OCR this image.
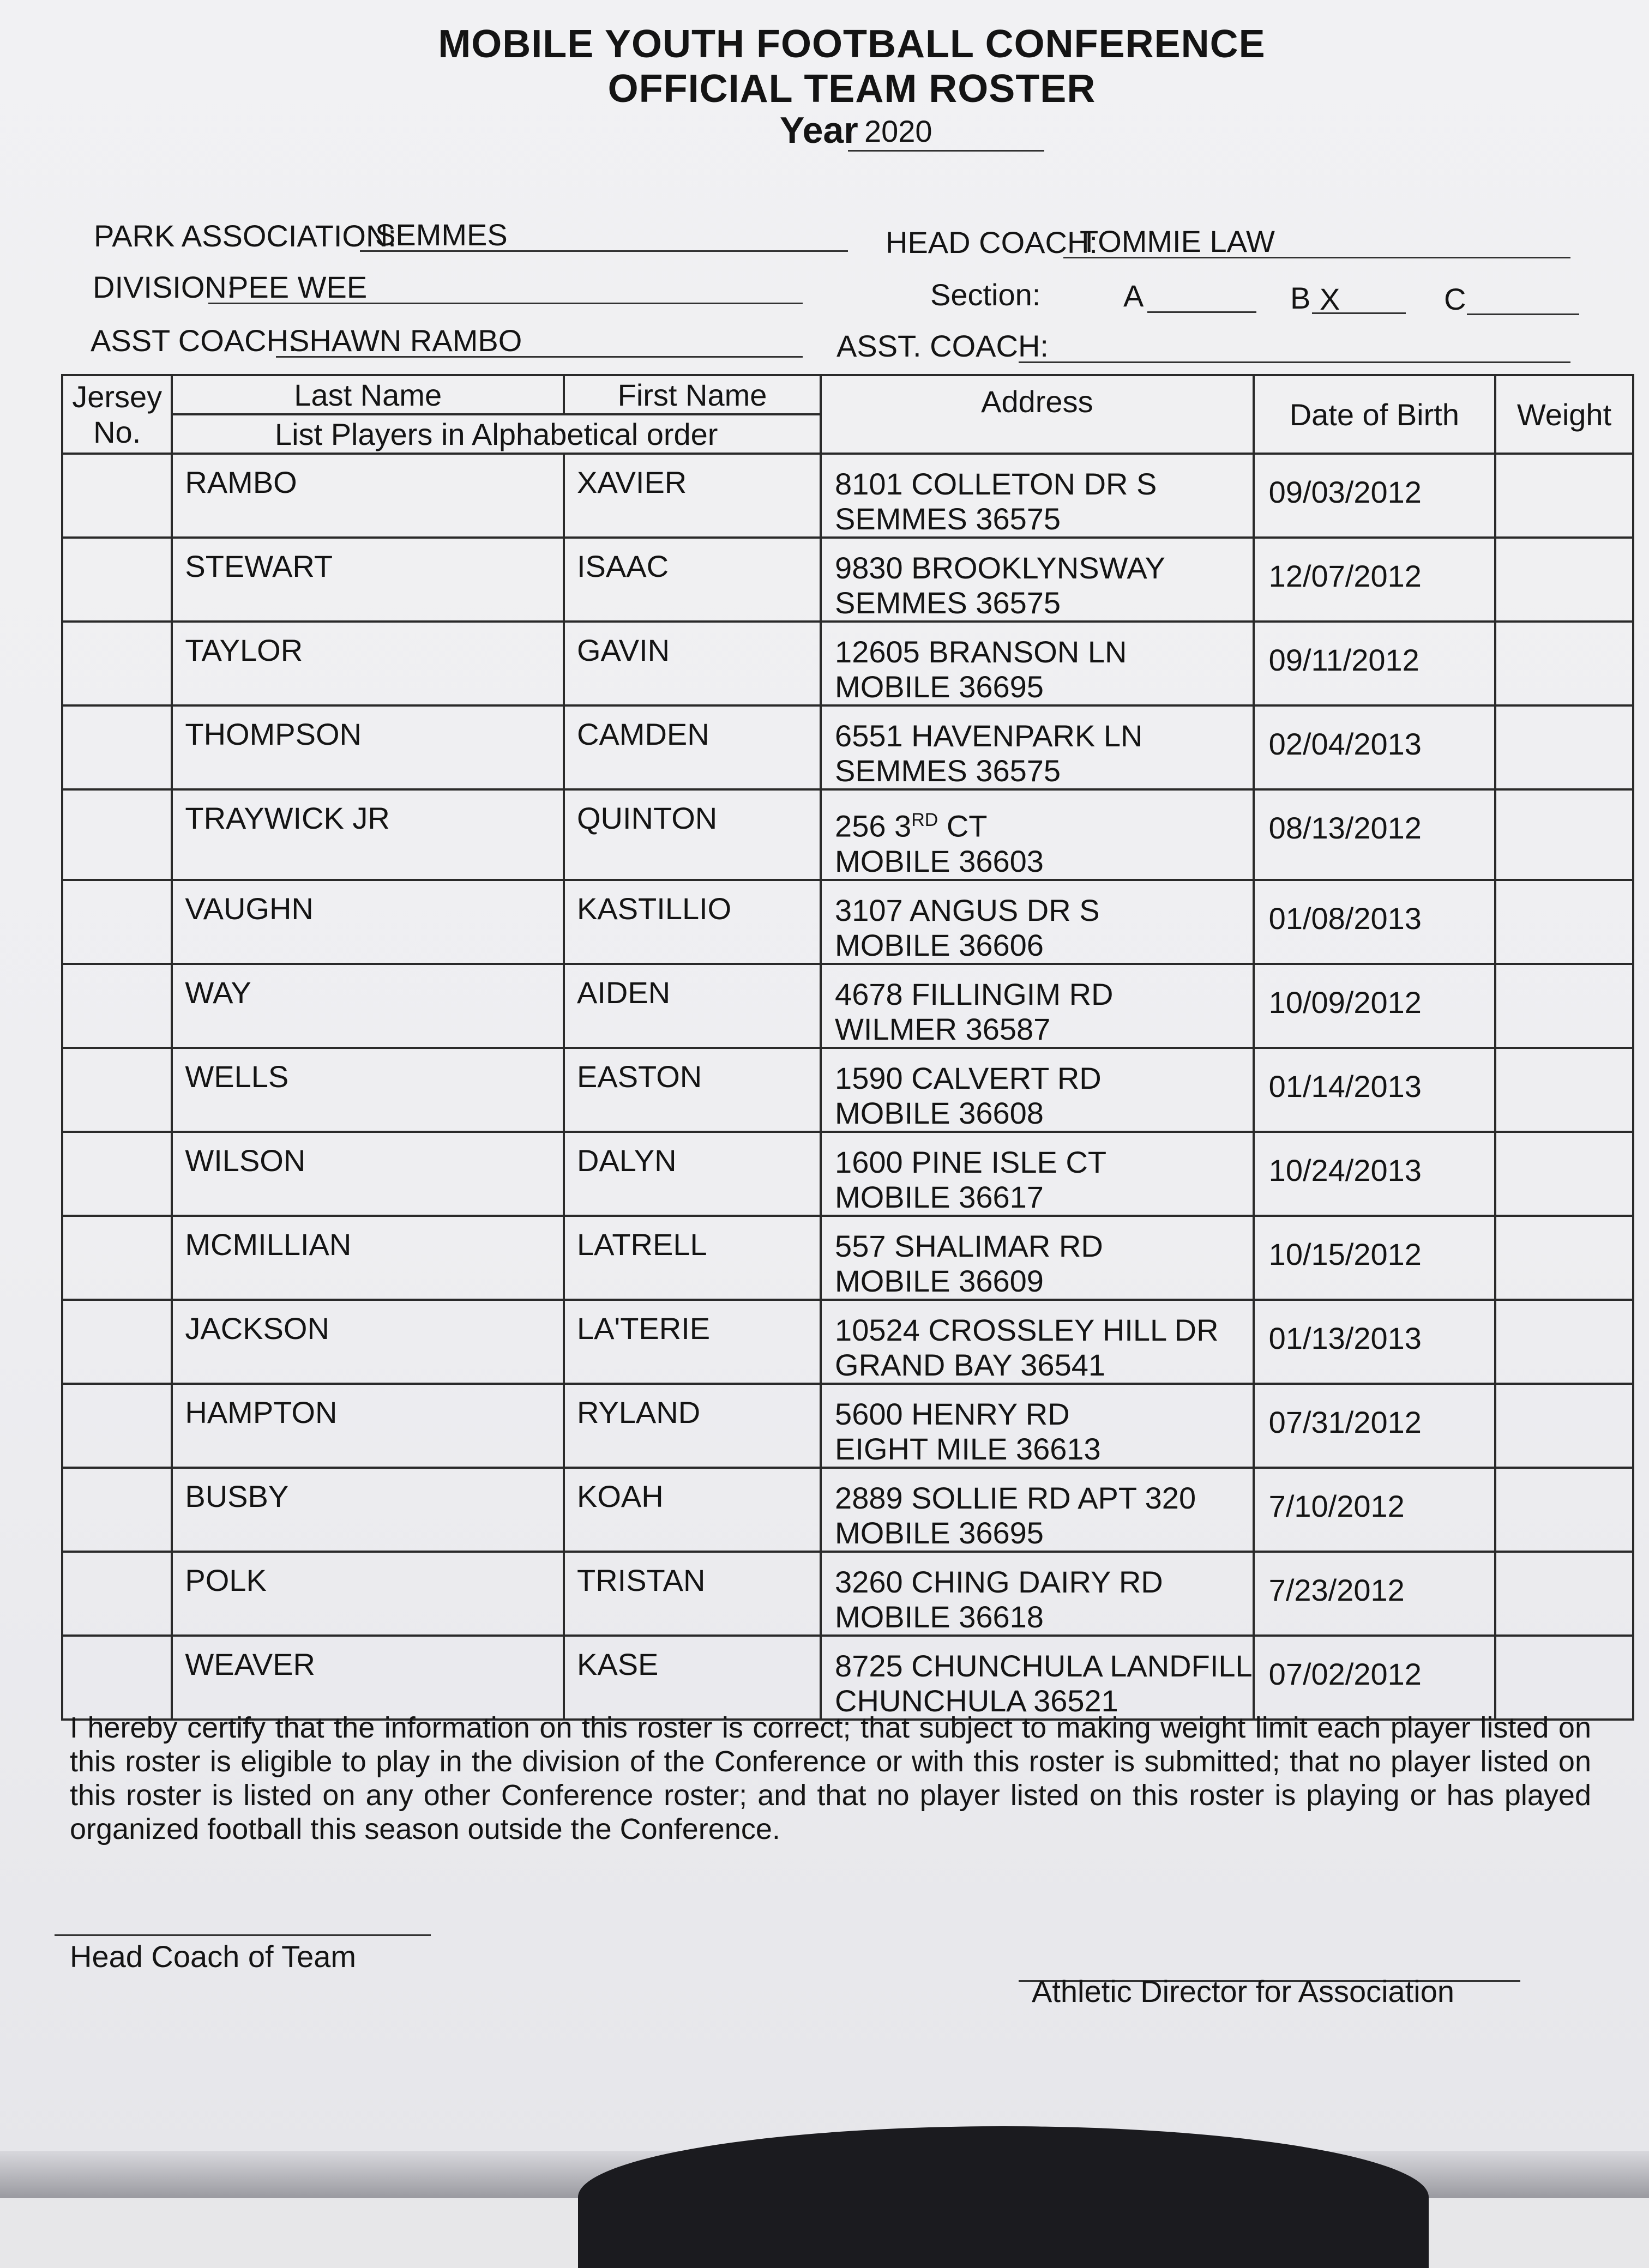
MOBILE YOUTH FOOTBALL CONFERENCE
OFFICIAL TEAM ROSTER
Year 2020
PARK ASSOCIATION:
SEMMES	HEAD COACH:
TOMMIE LAW
DIVISION:
PEE WEE	Section:	A	B X	C
ASST COACH:
SHAWN RAMBO	ASST. COACH:
Jersey
No.	Last Name	First Name	Address	Date of Birth	Weight
	List Players in Alphabetical order				

	RAMBO	XAVIER	8101 COLLETON DR S
SEMMES 36575	09/03/2012	

	STEWART	ISAAC	9830 BROOKLYNSWAY
SEMMES 36575	12/07/2012	

	TAYLOR	GAVIN	12605 BRANSON LN
MOBILE 36695	09/11/2012	

	THOMPSON	CAMDEN	6551 HAVENPARK LN
SEMMES 36575	02/04/2013	

	TRAYWICK JR	QUINTON	256 3RD CT
MOBILE 36603	08/13/2012	

	VAUGHN	KASTILLIO	3107 ANGUS DR S
MOBILE 36606	01/08/2013	

	WAY	AIDEN	4678 FILLINGIM RD
WILMER 36587	10/09/2012	

	WELLS	EASTON	1590 CALVERT RD
MOBILE 36608	01/14/2013	

	WILSON	DALYN	1600 PINE ISLE CT
MOBILE 36617	10/24/2013	

	MCMILLIAN	LATRELL	557 SHALIMAR RD
MOBILE 36609	10/15/2012	

	JACKSON	LA'TERIE	10524 CROSSLEY HILL DR
GRAND BAY 36541	01/13/2013	

	HAMPTON	RYLAND	5600 HENRY RD
EIGHT MILE 36613	07/31/2012	

	BUSBY	KOAH	2889 SOLLIE RD APT 320
MOBILE 36695	7/10/2012	

	POLK	TRISTAN	3260 CHING DAIRY RD
MOBILE 36618	7/23/2012	

	WEAVER	KASE	8725 CHUNCHULA LANDFILL
CHUNCHULA 36521	07/02/2012	

I hereby certify that the information on this roster is correct; that subject to making weight limit each player listed on this roster is eligible to play in the division of the Conference or with this roster is submitted; that no player listed on this roster is listed on any other Conference roster; and that no player listed on this roster is playing or has played organized football this season outside the Conference.
Head Coach of Team
Athletic Director for Association
